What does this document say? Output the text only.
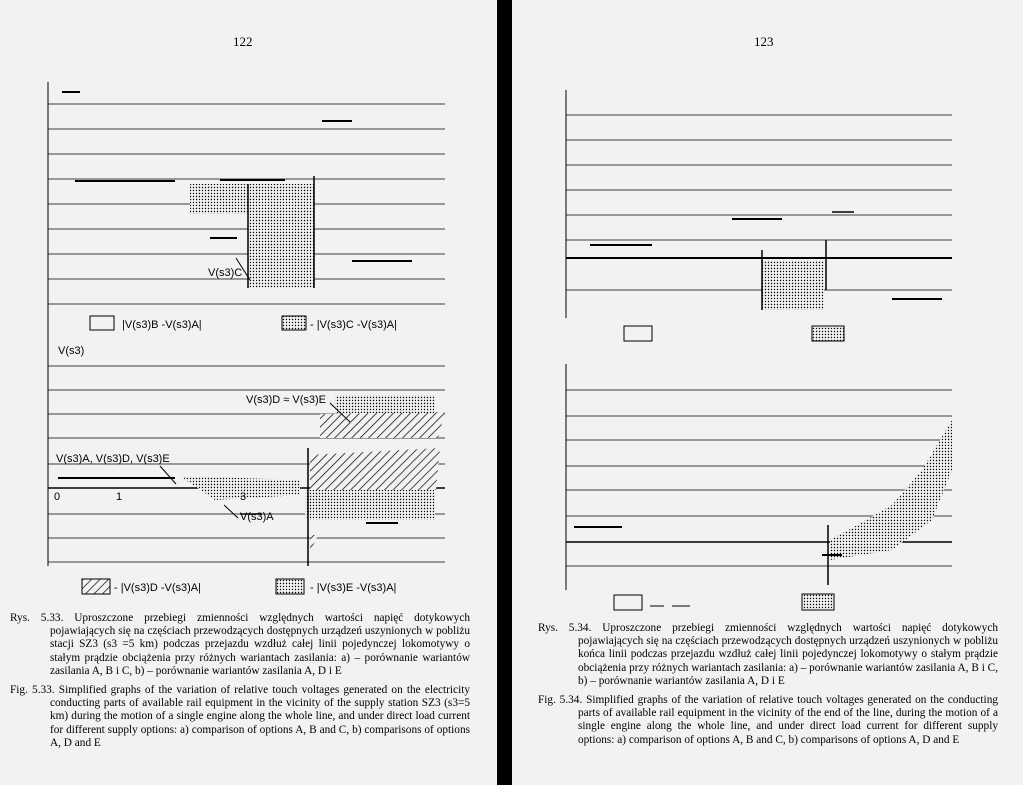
122
V(s3)C
|V(s3)B -V(s3)A|	- |V(s3)C -V(s3)A|
V(s3)
V(s3)D ≈ V(s3)E
V(s3)A, V(s3)D, V(s3)E
0	1	3
V(s3)A
- |V(s3)D -V(s3)A|	- |V(s3)E -V(s3)A|

Rys. 5.33. Uproszczone przebiegi zmienności względnych wartości napięć dotykowych pojawiających się na częściach przewodzących dostępnych urządzeń uszynionych w pobliżu stacji SZ3 (s3 =5 km) podczas przejazdu wzdłuż całej linii pojedynczej lokomotywy o stałym prądzie obciążenia przy różnych wariantach zasilania: a) – porównanie wariantów zasilania A, B i C, b) – porównanie wariantów zasilania A, D i E

Fig. 5.33. Simplified graphs of the variation of relative touch voltages generated on the electricity conducting parts of available rail equipment in the vicinity of the supply station SZ3 (s3=5 km) during the motion of a single engine along the whole line, and under direct load current for different supply options: a) comparison of options A, B and C, b) comparisons of options A, D and E

123

Rys. 5.34. Uproszczone przebiegi zmienności względnych wartości napięć dotykowych pojawiających się na częściach przewodzących dostępnych urządzeń uszynionych w pobliżu końca linii podczas przejazdu wzdłuż całej linii pojedynczej lokomotywy o stałym prądzie obciążenia przy różnych wariantach zasilania: a) – porównanie wariantów zasilania A, B i C, b) – porównanie wariantów zasilania A, D i E

Fig. 5.34. Simplified graphs of the variation of relative touch voltages generated on the conducting parts of available rail equipment in the vicinity of the end of the line, during the motion of a single engine along the whole line, and under direct load current for different supply options: a) comparison of options A, B and C, b) comparisons of options A, D and E
